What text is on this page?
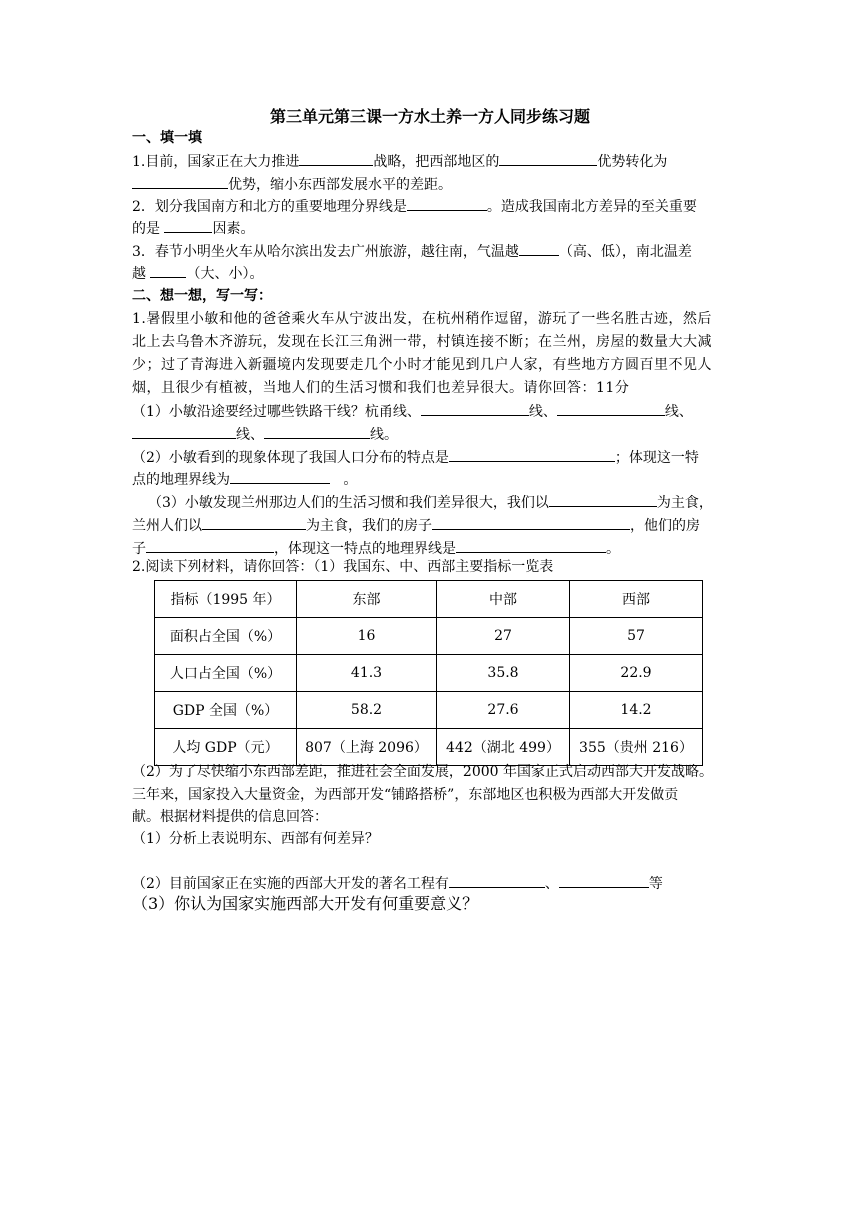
第三单元第三课一方水土养一方人同步练习题
一、填一填
1.目前，国家正在大力推进	战略，把西部地区的	优势转化为
优势，缩小东西部发展水平的差距。
2．划分我国南方和北方的重要地理分界线是	。造成我国南北方差异的至关重要
的是	因素。
3．春节小明坐火车从哈尔滨出发去广州旅游，越往南，气温越	（高、低），南北温差
越	（大、小）。
二、想一想，写一写：
1.暑假里小敏和他的爸爸乘火车从宁波出发，在杭州稍作逗留，游玩了一些名胜古迹，然后
北上去乌鲁木齐游玩，发现在长江三角洲一带，村镇连接不断；在兰州，房屋的数量大大减
少；过了青海进入新疆境内发现要走几个小时才能见到几户人家，有些地方方圆百里不见人
烟，且很少有植被，当地人们的生活习惯和我们也差异很大。请你回答：11分
（1）小敏沿途要经过哪些铁路干线？杭甬线、	线、	线、
线、	线。
（2）小敏看到的现象体现了我国人口分布的特点是	；体现这一特
点的地理界线为	。
（3）小敏发现兰州那边人们的生活习惯和我们差异很大，我们以	为主食，
兰州人们以	为主食，我们的房子	，他们的房
子	，体现这一特点的地理界线是	。
2.阅读下列材料，请你回答：（1）我国东、中、西部主要指标一览表
指标（1995 年）	东部	中部	西部
面积占全国（%）	16	27	57
人口占全国（%）	41.3	35.8	22.9
GDP 全国（%）	58.2	27.6	14.2
人均 GDP（元）	807（上海 2096）	442（湖北 499）	355（贵州 216）
（2）为了尽快缩小东西部差距，推进社会全面发展，2000 年国家正式启动西部大开发战略。
三年来，国家投入大量资金，为西部开发“铺路搭桥”，东部地区也积极为西部大开发做贡
献。根据材料提供的信息回答：
（1）分析上表说明东、西部有何差异？
（2）目前国家正在实施的西部大开发的著名工程有	、	等
（3）你认为国家实施西部大开发有何重要意义？
